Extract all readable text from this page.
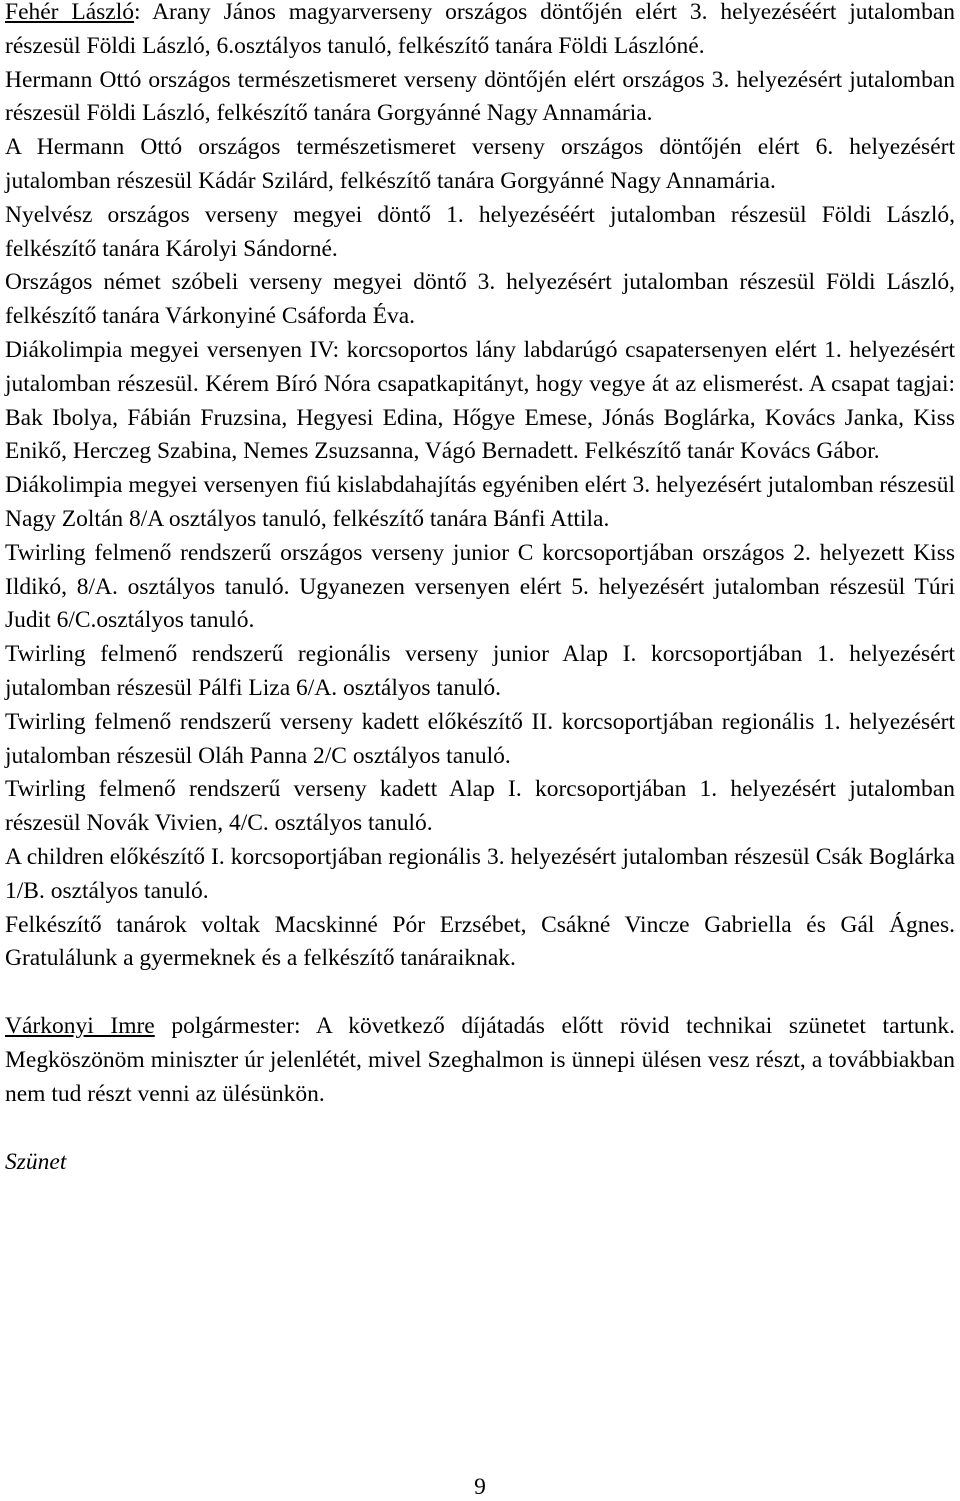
Fehér László: Arany János magyarverseny országos döntőjén elért 3. helyezéséért jutalomban részesül Földi László, 6.osztályos tanuló, felkészítő tanára Földi Lászlóné.

Hermann Ottó országos természetismeret verseny döntőjén elért országos 3. helyezésért jutalomban részesül Földi László, felkészítő tanára Gorgyánné Nagy Annamária.

A Hermann Ottó országos természetismeret verseny országos döntőjén elért 6. helyezésért jutalomban részesül Kádár Szilárd, felkészítő tanára Gorgyánné Nagy Annamária.

Nyelvész országos verseny megyei döntő 1. helyezéséért jutalomban részesül Földi László, felkészítő tanára Károlyi Sándorné.

Országos német szóbeli verseny megyei döntő 3. helyezésért jutalomban részesül Földi László, felkészítő tanára Várkonyiné Csáforda Éva.

Diákolimpia megyei versenyen IV: korcsoportos lány labdarúgó csapatersenyen elért 1. helyezésért jutalomban részesül. Kérem Bíró Nóra csapatkapitányt, hogy vegye át az elismerést. A csapat tagjai: Bak Ibolya, Fábián Fruzsina, Hegyesi Edina, Hőgye Emese, Jónás Boglárka, Kovács Janka, Kiss Enikő, Herczeg Szabina, Nemes Zsuzsanna, Vágó Bernadett. Felkészítő tanár Kovács Gábor.

Diákolimpia megyei versenyen fiú kislabdahajítás egyéniben elért 3. helyezésért jutalomban részesül Nagy Zoltán 8/A osztályos tanuló, felkészítő tanára Bánfi Attila.

Twirling felmenő rendszerű országos verseny junior C korcsoportjában országos 2. helyezett Kiss Ildikó, 8/A. osztályos tanuló. Ugyanezen versenyen elért 5. helyezésért jutalomban részesül Túri Judit 6/C.osztályos tanuló.

Twirling felmenő rendszerű regionális verseny junior Alap I. korcsoportjában 1. helyezésért jutalomban részesül Pálfi Liza 6/A. osztályos tanuló.

Twirling felmenő rendszerű verseny kadett előkészítő II. korcsoportjában regionális 1. helyezésért jutalomban részesül Oláh Panna 2/C osztályos tanuló.

Twirling felmenő rendszerű verseny kadett Alap I. korcsoportjában 1. helyezésért jutalomban részesül Novák Vivien, 4/C. osztályos tanuló.

A children előkészítő I. korcsoportjában regionális 3. helyezésért jutalomban részesül Csák Boglárka 1/B. osztályos tanuló.

Felkészítő tanárok voltak Macskinné Pór Erzsébet, Csákné Vincze Gabriella és Gál Ágnes. Gratulálunk a gyermeknek és a felkészítő tanáraiknak.

Várkonyi Imre polgármester: A következő díjátadás előtt rövid technikai szünetet tartunk. Megköszönöm miniszter úr jelenlétét, mivel Szeghalmon is ünnepi ülésen vesz részt, a továbbiakban nem tud részt venni az ülésünkön.

Szünet

9
